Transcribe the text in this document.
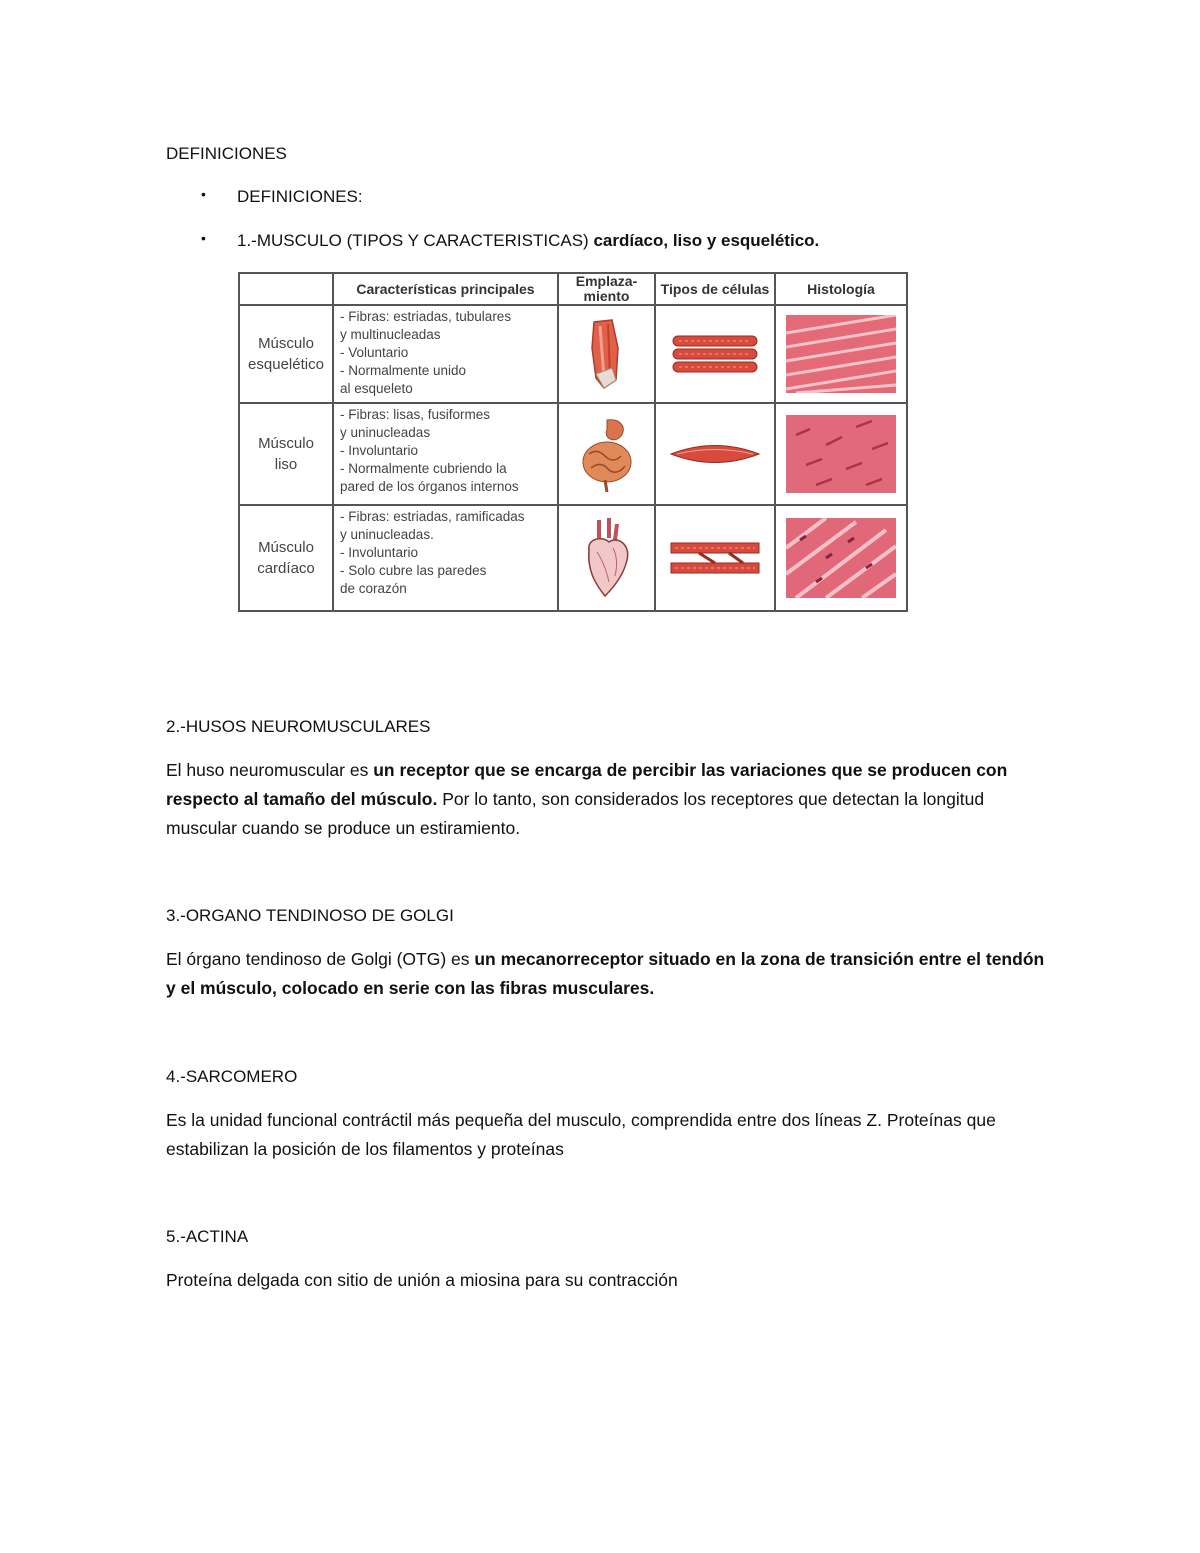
DEFINICIONES
• DEFINICIONES:
• 1.-MUSCULO (TIPOS Y CARACTERISTICAS) cardíaco, liso y esquelético.
	Características principales	Emplaza-
miento	Tipos de células	Histología

Músculo
esquelético	- Fibras: estriadas, tubulares
y multinucleadas
- Voluntario
- Normalmente unido
al esqueleto

Músculo
liso	- Fibras: lisas, fusiformes
y uninucleadas
- Involuntario
- Normalmente cubriendo la
pared de los órganos internos

Músculo
cardíaco	- Fibras: estriadas, ramificadas
y uninucleadas.
- Involuntario
- Solo cubre las paredes
de corazón

2.-HUSOS NEUROMUSCULARES
El huso neuromuscular es un receptor que se encarga de percibir las variaciones que se producen con respecto al tamaño del músculo. Por lo tanto, son considerados los receptores que detectan la longitud muscular cuando se produce un estiramiento.
3.-ORGANO TENDINOSO DE GOLGI
El órgano tendinoso de Golgi (OTG) es un mecanorreceptor situado en la zona de transición entre el tendón y el músculo, colocado en serie con las fibras musculares.
4.-SARCOMERO
Es la unidad funcional contráctil más pequeña del musculo, comprendida entre dos líneas Z. Proteínas que estabilizan la posición de los filamentos y proteínas
5.-ACTINA
Proteína delgada con sitio de unión a miosina para su contracción
